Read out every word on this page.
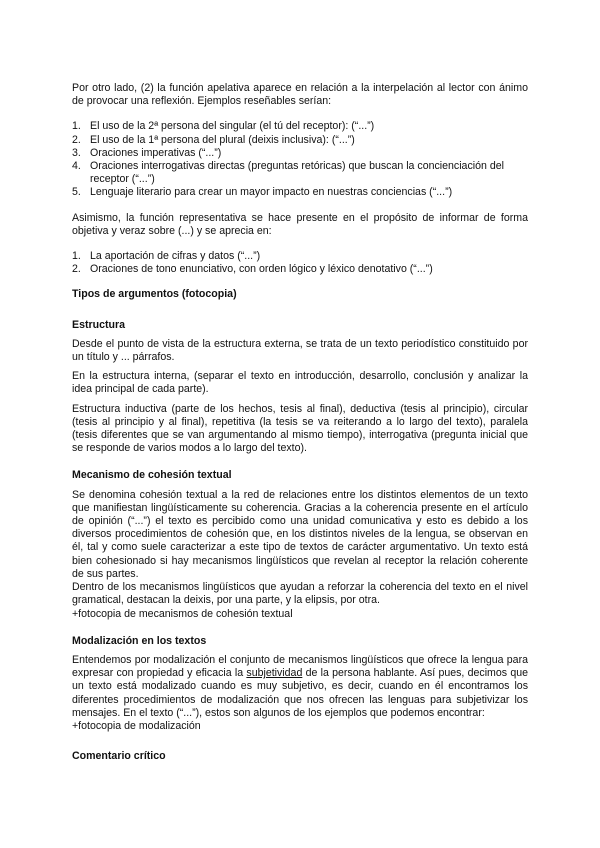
Por otro lado, (2) la función apelativa aparece en relación a la interpelación al lector con ánimo de provocar una reflexión. Ejemplos reseñables serían:

1. El uso de la 2ª persona del singular (el tú del receptor): (“...”)
2. El uso de la 1ª persona del plural (deixis inclusiva): (“...”)
3. Oraciones imperativas (“...”)
4. Oraciones interrogativas directas (preguntas retóricas) que buscan la concienciación del receptor (“...”)
5. Lenguaje literario para crear un mayor impacto en nuestras conciencias (“...”)

Asimismo, la función representativa se hace presente en el propósito de informar de forma objetiva y veraz sobre (...) y se aprecia en:

1. La aportación de cifras y datos (“...”)
2. Oraciones de tono enunciativo, con orden lógico y léxico denotativo (“...”)
Tipos de argumentos (fotocopia)
Estructura

Desde el punto de vista de la estructura externa, se trata de un texto periodístico constituido por un título y ... párrafos.

En la estructura interna, (separar el texto en introducción, desarrollo, conclusión y analizar la idea principal de cada parte).

Estructura inductiva (parte de los hechos, tesis al final), deductiva (tesis al principio), circular (tesis al principio y al final), repetitiva (la tesis se va reiterando a lo largo del texto), paralela (tesis diferentes que se van argumentando al mismo tiempo), interrogativa (pregunta inicial que se responde de varios modos a lo largo del texto).

Mecanismo de cohesión textual

Se denomina cohesión textual a la red de relaciones entre los distintos elementos de un texto que manifiestan lingüísticamente su coherencia. Gracias a la coherencia presente en el artículo de opinión (“...”) el texto es percibido como una unidad comunicativa y esto es debido a los diversos procedimientos de cohesión que, en los distintos niveles de la lengua, se observan en él, tal y como suele caracterizar a este tipo de textos de carácter argumentativo. Un texto está bien cohesionado si hay mecanismos lingüísticos que revelan al receptor la relación coherente de sus partes.

Dentro de los mecanismos lingüísticos que ayudan a reforzar la coherencia del texto en el nivel gramatical, destacan la deixis, por una parte, y la elipsis, por otra.

+fotocopia de mecanismos de cohesión textual

Modalización en los textos

Entendemos por modalización el conjunto de mecanismos lingüísticos que ofrece la lengua para expresar con propiedad y eficacia la subjetividad de la persona hablante. Así pues, decimos que un texto está modalizado cuando es muy subjetivo, es decir, cuando en él encontramos los diferentes procedimientos de modalización que nos ofrecen las lenguas para subjetivizar los mensajes. En el texto (“...”), estos son algunos de los ejemplos que podemos encontrar:

+fotocopia de modalización

Comentario crítico
